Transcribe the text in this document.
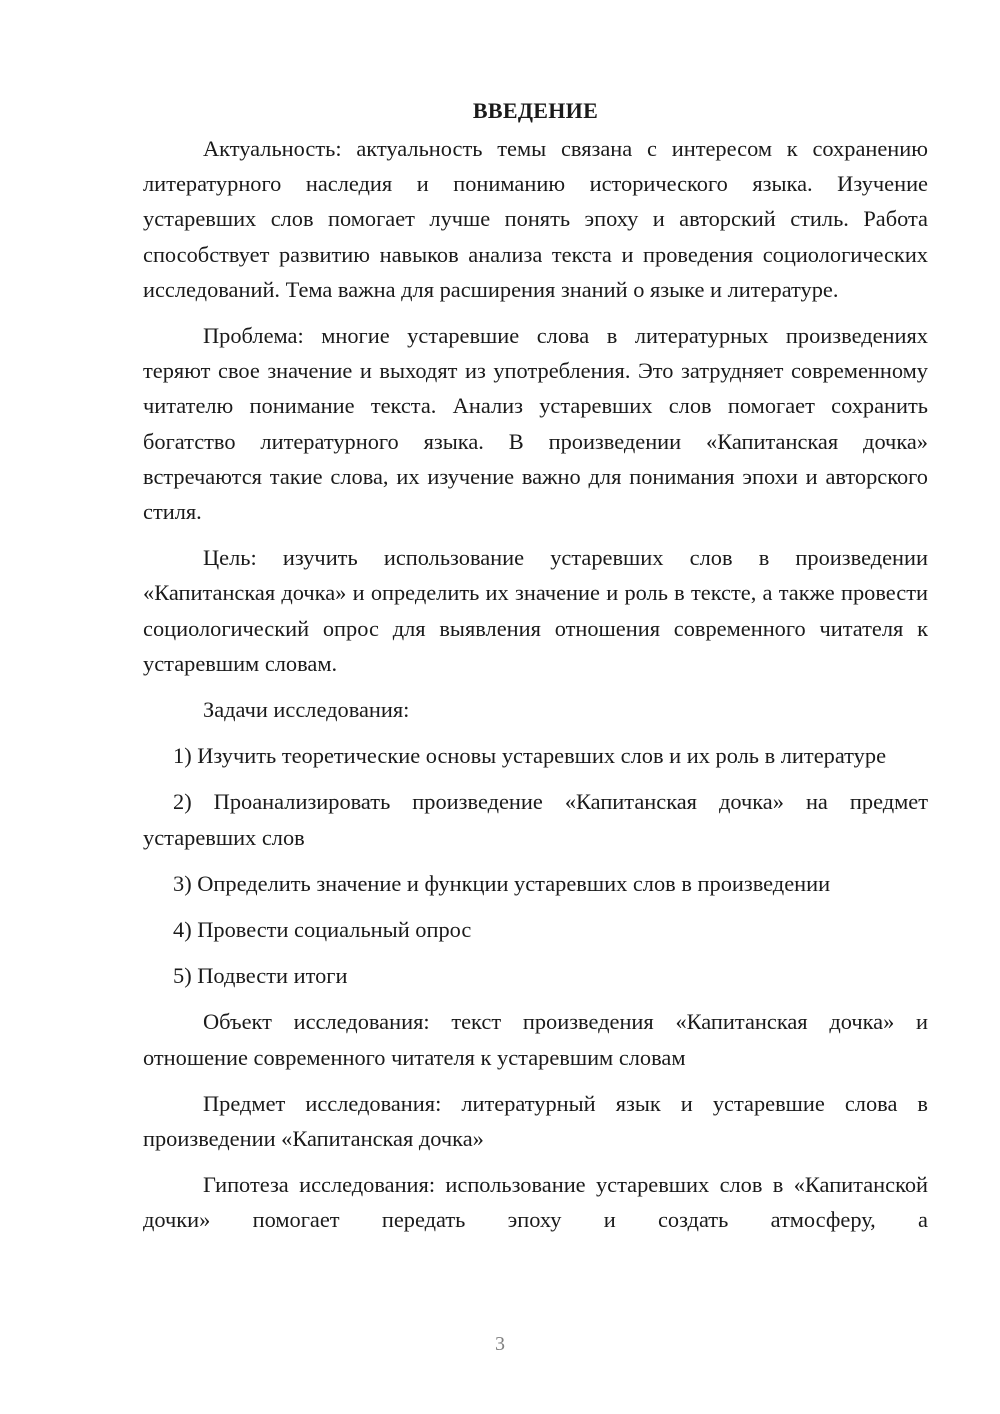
ВВЕДЕНИЕ

Актуальность: актуальность темы связана с интересом к сохранению литературного наследия и пониманию исторического языка. Изучение устаревших слов помогает лучше понять эпоху и авторский стиль. Работа способствует развитию навыков анализа текста и проведения социологических исследований. Тема важна для расширения знаний о языке и литературе.

Проблема: многие устаревшие слова в литературных произведениях теряют свое значение и выходят из употребления. Это затрудняет современному читателю понимание текста. Анализ устаревших слов помогает сохранить богатство литературного языка. В произведении «Капитанская дочка» встречаются такие слова, их изучение важно для понимания эпохи и авторского стиля.

Цель: изучить использование устаревших слов в произведении «Капитанская дочка» и определить их значение и роль в тексте, а также провести социологический опрос для выявления отношения современного читателя к устаревшим словам.

Задачи исследования:

1) Изучить теоретические основы устаревших слов и их роль в литературе

2) Проанализировать произведение «Капитанская дочка» на предмет устаревших слов

3) Определить значение и функции устаревших слов в произведении

4) Провести социальный опрос

5) Подвести итоги

Объект исследования: текст произведения «Капитанская дочка» и отношение современного читателя к устаревшим словам

Предмет исследования: литературный язык и устаревшие слова в произведении «Капитанская дочка»

Гипотеза исследования: использование устаревших слов в «Капитанской дочки» помогает передать эпоху и создать атмосферу, а

3
